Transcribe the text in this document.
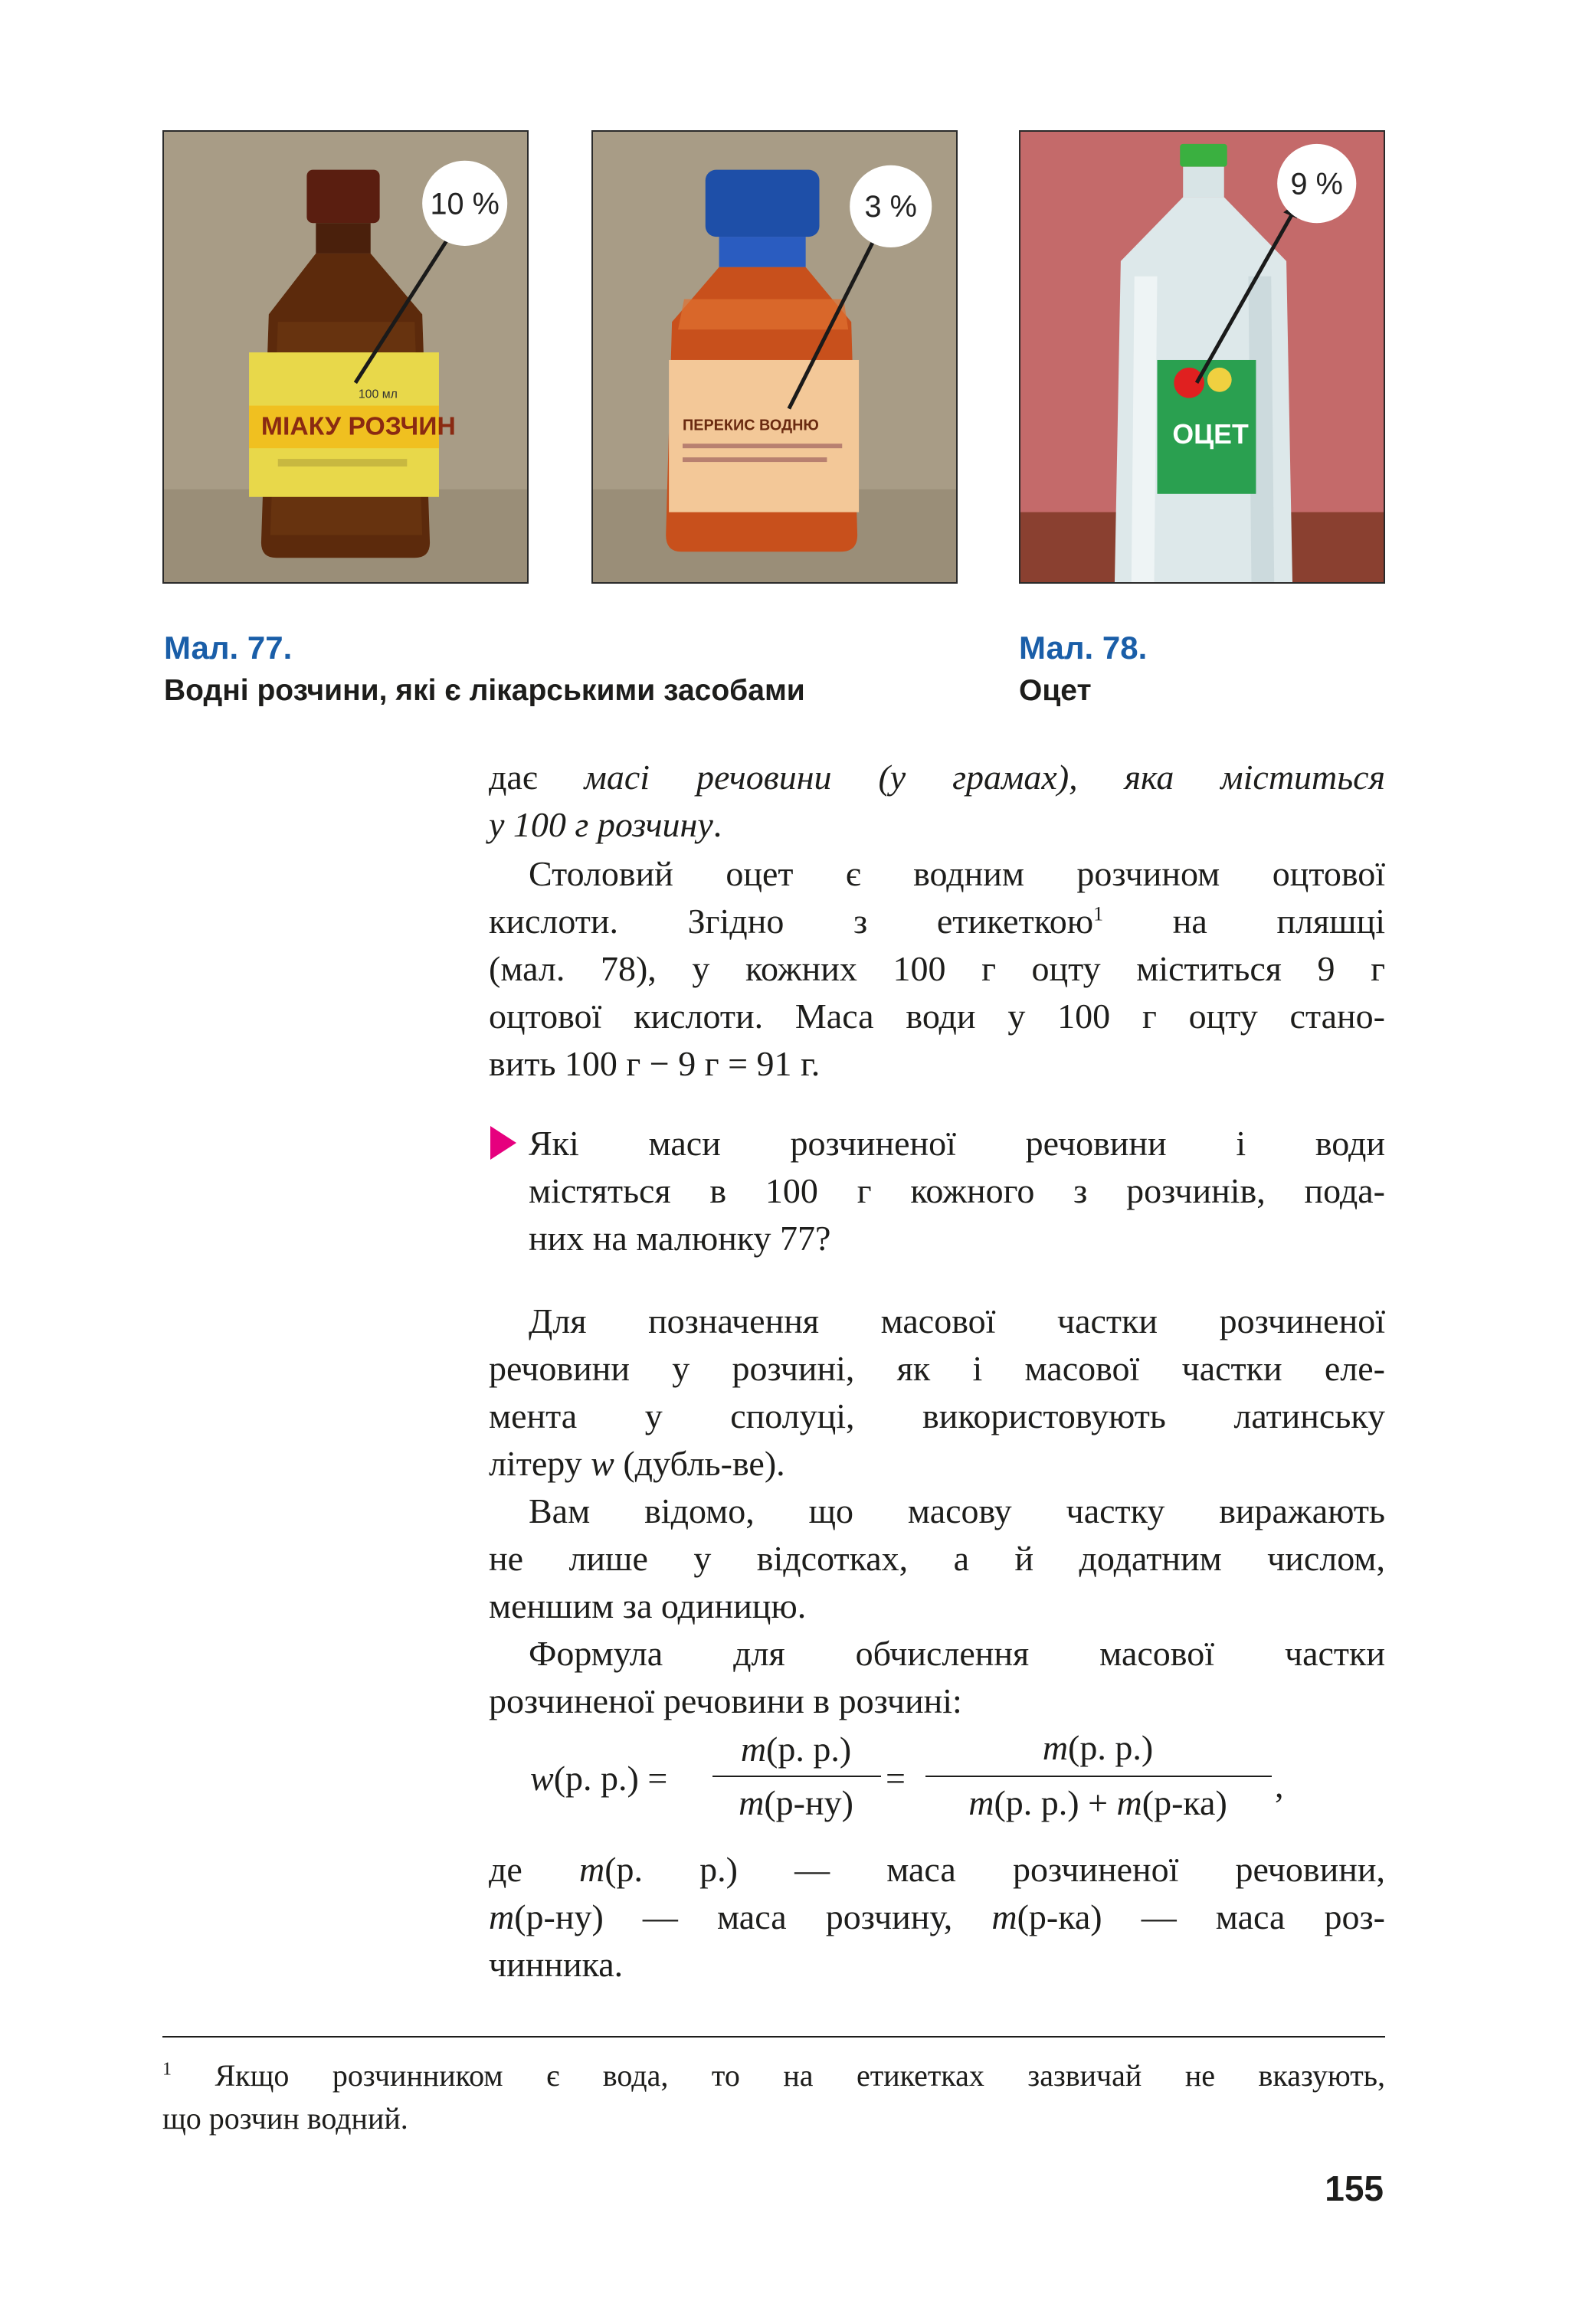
МІАКУ РОЗЧИН
100 мл
10 %
ПЕРЕКИС ВОДНЮ
3 %
ОЦЕТ
9 %
Мал. 77.
Водні розчини, які є лікарськими засобами
Мал. 78.
Оцет
дає масі речовини (у грамах), яка міститься
у 100 г розчину.
Столовий оцет є водним розчином оцтової
кислоти. Згідно з етикеткою$^1$ на пляшці
(мал. 78), у кожних 100 г оцту міститься 9 г
оцтової кислоти. Маса води у 100 г оцту стано-
вить 100 г − 9 г = 91 г.
Які маси розчиненої речовини і води
містяться в 100 г кожного з розчинів, пода-
них на малюнку 77?
Для позначення масової частки розчиненої
речовини у розчині, як і масової частки еле-
мента у сполуці, використовують латинську
літеру w (дубль-ве).
Вам відомо, що масову частку виражають
не лише у відсотках, а й додатним числом,
меншим за одиницю.
Формула для обчислення масової частки
розчиненої речовини в розчині:
w(р. р.) =
m(р. р.)
m(р-ну)
=
m(р. р.)
m(р. р.) + m(р-ка)	,
де m(р. р.) — маса розчиненої речовини,
m(р-ну) — маса розчину, m(р-ка) — маса роз-
чинника.
$^1$ Якщо розчинником є вода, то на етикетках зазвичай не вказують,
що розчин водний.
155
